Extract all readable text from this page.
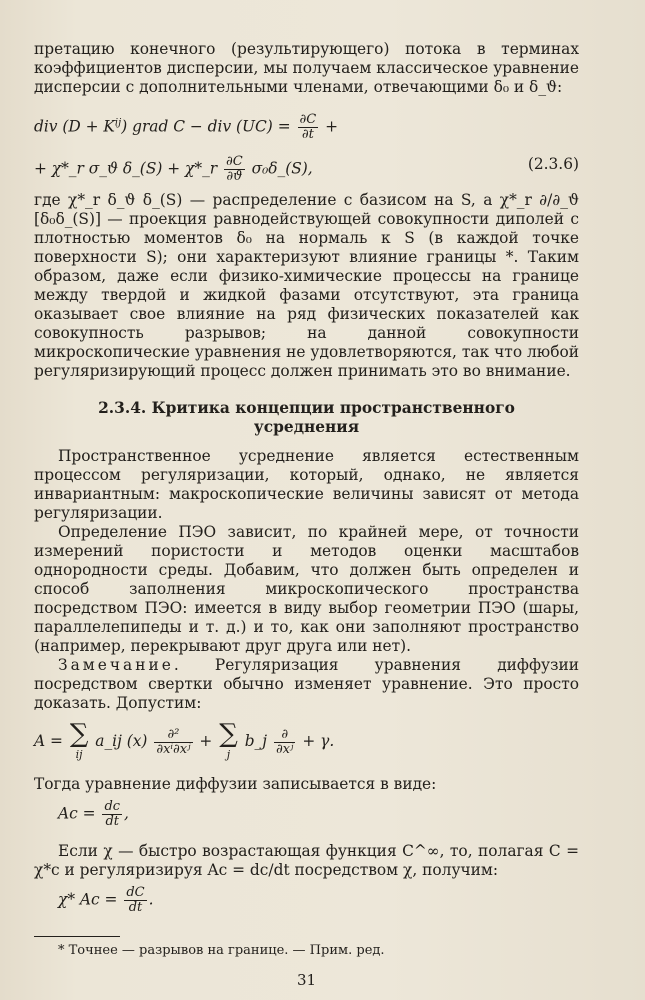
претацию конечного (результирующего) потока в терминах коэффициентов дисперсии, мы получаем классическое уравнение дисперсии с дополнительными членами, отвечающими δ₀ и δ_ϑ:

div $(D + K^{ij})$ grad C − div $(UC) = \frac{\partial C}{\partial t}$ +
+ χ*_r σ_ϑ δ_(S) + χ*_r $\frac{\partial C}{\partial ϑ}$ σ₀δ_(S),	(2.3.6)

где χ*_r δ_ϑ δ_(S) — распределение с базисом на S, а χ*_r ∂/∂_ϑ [δ₀δ_(S)] — проекция равнодействующей совокупности диполей с плотностью моментов δ₀ на нормаль к S (в каждой точке поверхности S); они характеризуют влияние границы *. Таким образом, даже если физико-химические процессы на границе между твердой и жидкой фазами отсутствуют, эта граница оказывает свое влияние на ряд физических показателей как совокупность разрывов; на данной совокупности микроскопические уравнения не удовлетворяются, так что любой регуляризирующий процесс должен принимать это во внимание.

2.3.4. Критика концепции пространственного
усреднения

Пространственное усреднение является естественным процессом регуляризации, который, однако, не является инвариантным: макроскопические величины зависят от метода регуляризации.

Определение ПЭО зависит, по крайней мере, от точности измерений пористости и методов оценки масштабов однородности среды. Добавим, что должен быть определен и способ заполнения микроскопического пространства посредством ПЭО: имеется в виду выбор геометрии ПЭО (шары, параллелепипеды и т. д.) и то, как они заполняют пространство (например, перекрывают друг друга или нет).

Замечание. Регуляризация уравнения диффузии посредством свертки обычно изменяет уравнение. Это просто доказать. Допустим:

A = ∑
ij
a_ij $(x) \frac{\text{∂²}}{\text{∂xⁱ∂xʲ}}$ + ∑
j
b_j $\frac{\partial}{\text{∂xʲ}} + \gamma$.

Тогда уравнение диффузии записывается в виде:

$Ac = \frac{dc}{dt}$ ,

Если χ — быстро возрастающая функция C^∞, то, полагая C = χ*c и регуляризируя Ac = dc/dt посредством χ, получим:

χ* $Ac = \frac{dC}{dt}$ .

* Точнее — разрывов на границе. — Прим. ред.

31
